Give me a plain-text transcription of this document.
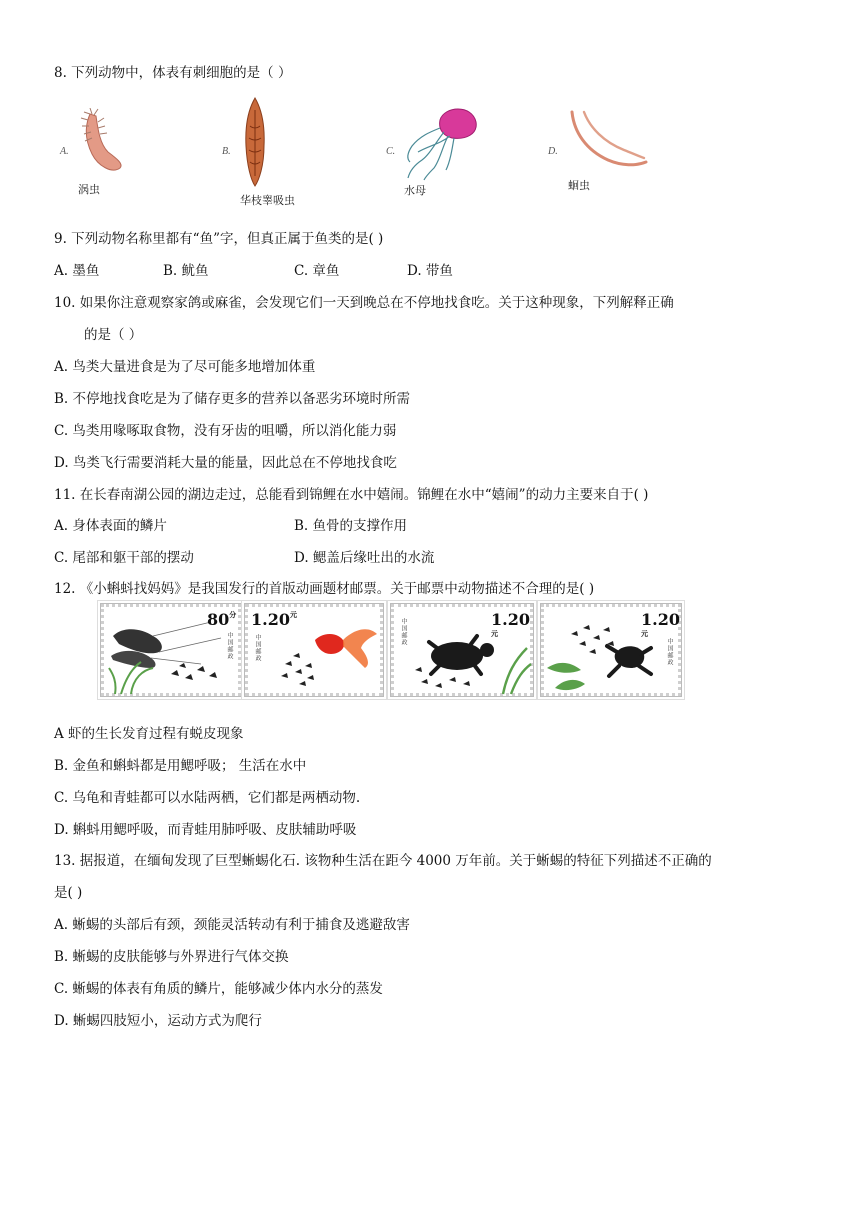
8. 下列动物中，体表有刺细胞的是（ ）
A.
涡虫
B.
华枝睾吸虫
C.
水母
D.
蛔虫
9. 下列动物名称里都有“鱼”字，但真正属于鱼类的是( )
A. 墨鱼	B. 鱿鱼	C. 章鱼	D. 带鱼
10. 如果你注意观察家鸽或麻雀，会发现它们一天到晚总在不停地找食吃。关于这种现象，下列解释正确
的是（ ）
A. 鸟类大量进食是为了尽可能多地增加体重
B. 不停地找食吃是为了储存更多的营养以备恶劣环境时所需
C. 鸟类用喙啄取食物，没有牙齿的咀嚼，所以消化能力弱
D. 鸟类飞行需要消耗大量的能量，因此总在不停地找食吃
11. 在长春南湖公园的湖边走过，总能看到锦鲤在水中嬉闹。锦鲤在水中“嬉闹”的动力主要来自于( )
A. 身体表面的鳞片	B. 鱼骨的支撑作用
C. 尾部和躯干部的摆动	D. 鳃盖后缘吐出的水流
12. 《小蝌蚪找妈妈》是我国发行的首版动画题材邮票。关于邮票中动物描述不合理的是( )
$80^分$
中国邮政
$1.20^元$
中国邮政
$1.20^元$
中国邮政	$1.20^元$
中国邮政
A 虾的生长发育过程有蜕皮现象
B. 金鱼和蝌蚪都是用鳃呼吸； 生活在水中
C. 乌龟和青蛙都可以水陆两栖，它们都是两栖动物.
D. 蝌蚪用鳃呼吸，而青蛙用肺呼吸、皮肤辅助呼吸
13. 据报道，在缅甸发现了巨型蜥蜴化石. 该物种生活在距今 4000 万年前。关于蜥蜴的特征下列描述不正确的
是( )
A. 蜥蜴的头部后有颈，颈能灵活转动有利于捕食及逃避敌害
B. 蜥蜴的皮肤能够与外界进行气体交换
C. 蜥蜴的体表有角质的鳞片，能够减少体内水分的蒸发
D. 蜥蜴四肢短小，运动方式为爬行
